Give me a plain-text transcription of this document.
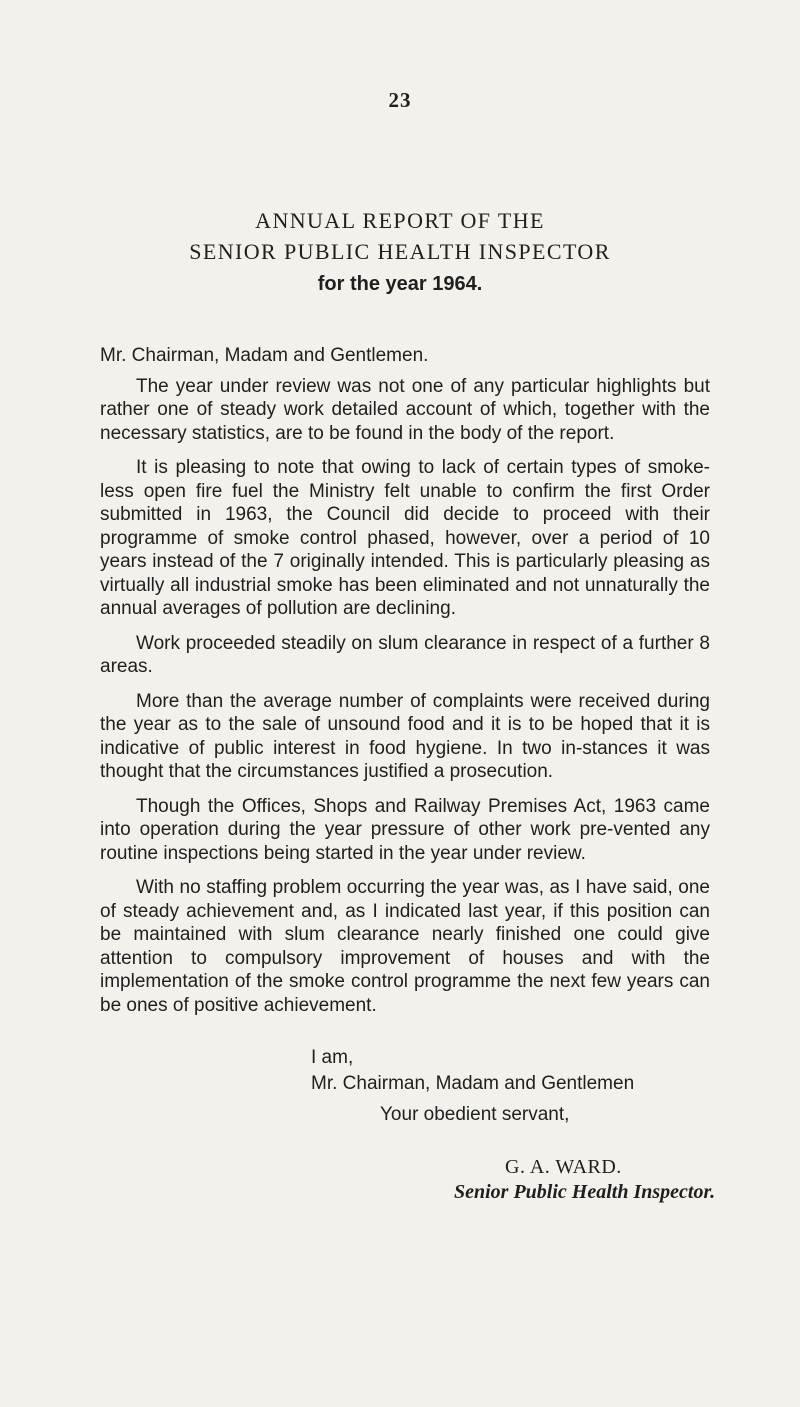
23
ANNUAL REPORT OF THE
SENIOR PUBLIC HEALTH INSPECTOR
for the year 1964.

Mr. Chairman, Madam and Gentlemen.

The year under review was not one of any particular highlights but rather one of steady work detailed account of which, together with the necessary statistics, are to be found in the body of the report.

It is pleasing to note that owing to lack of certain types of smoke-less open fire fuel the Ministry felt unable to confirm the first Order submitted in 1963, the Council did decide to proceed with their programme of smoke control phased, however, over a period of 10 years instead of the 7 originally intended. This is particularly pleasing as virtually all industrial smoke has been eliminated and not unnaturally the annual averages of pollution are declining.

Work proceeded steadily on slum clearance in respect of a further 8 areas.

More than the average number of complaints were received during the year as to the sale of unsound food and it is to be hoped that it is indicative of public interest in food hygiene. In two in-stances it was thought that the circumstances justified a prosecution.

Though the Offices, Shops and Railway Premises Act, 1963 came into operation during the year pressure of other work pre-vented any routine inspections being started in the year under review.

With no staffing problem occurring the year was, as I have said, one of steady achievement and, as I indicated last year, if this position can be maintained with slum clearance nearly finished one could give attention to compulsory improvement of houses and with the implementation of the smoke control programme the next few years can be ones of positive achievement.

I am,
Mr. Chairman, Madam and Gentlemen
Your obedient servant,
G. A. WARD.
Senior Public Health Inspector.
